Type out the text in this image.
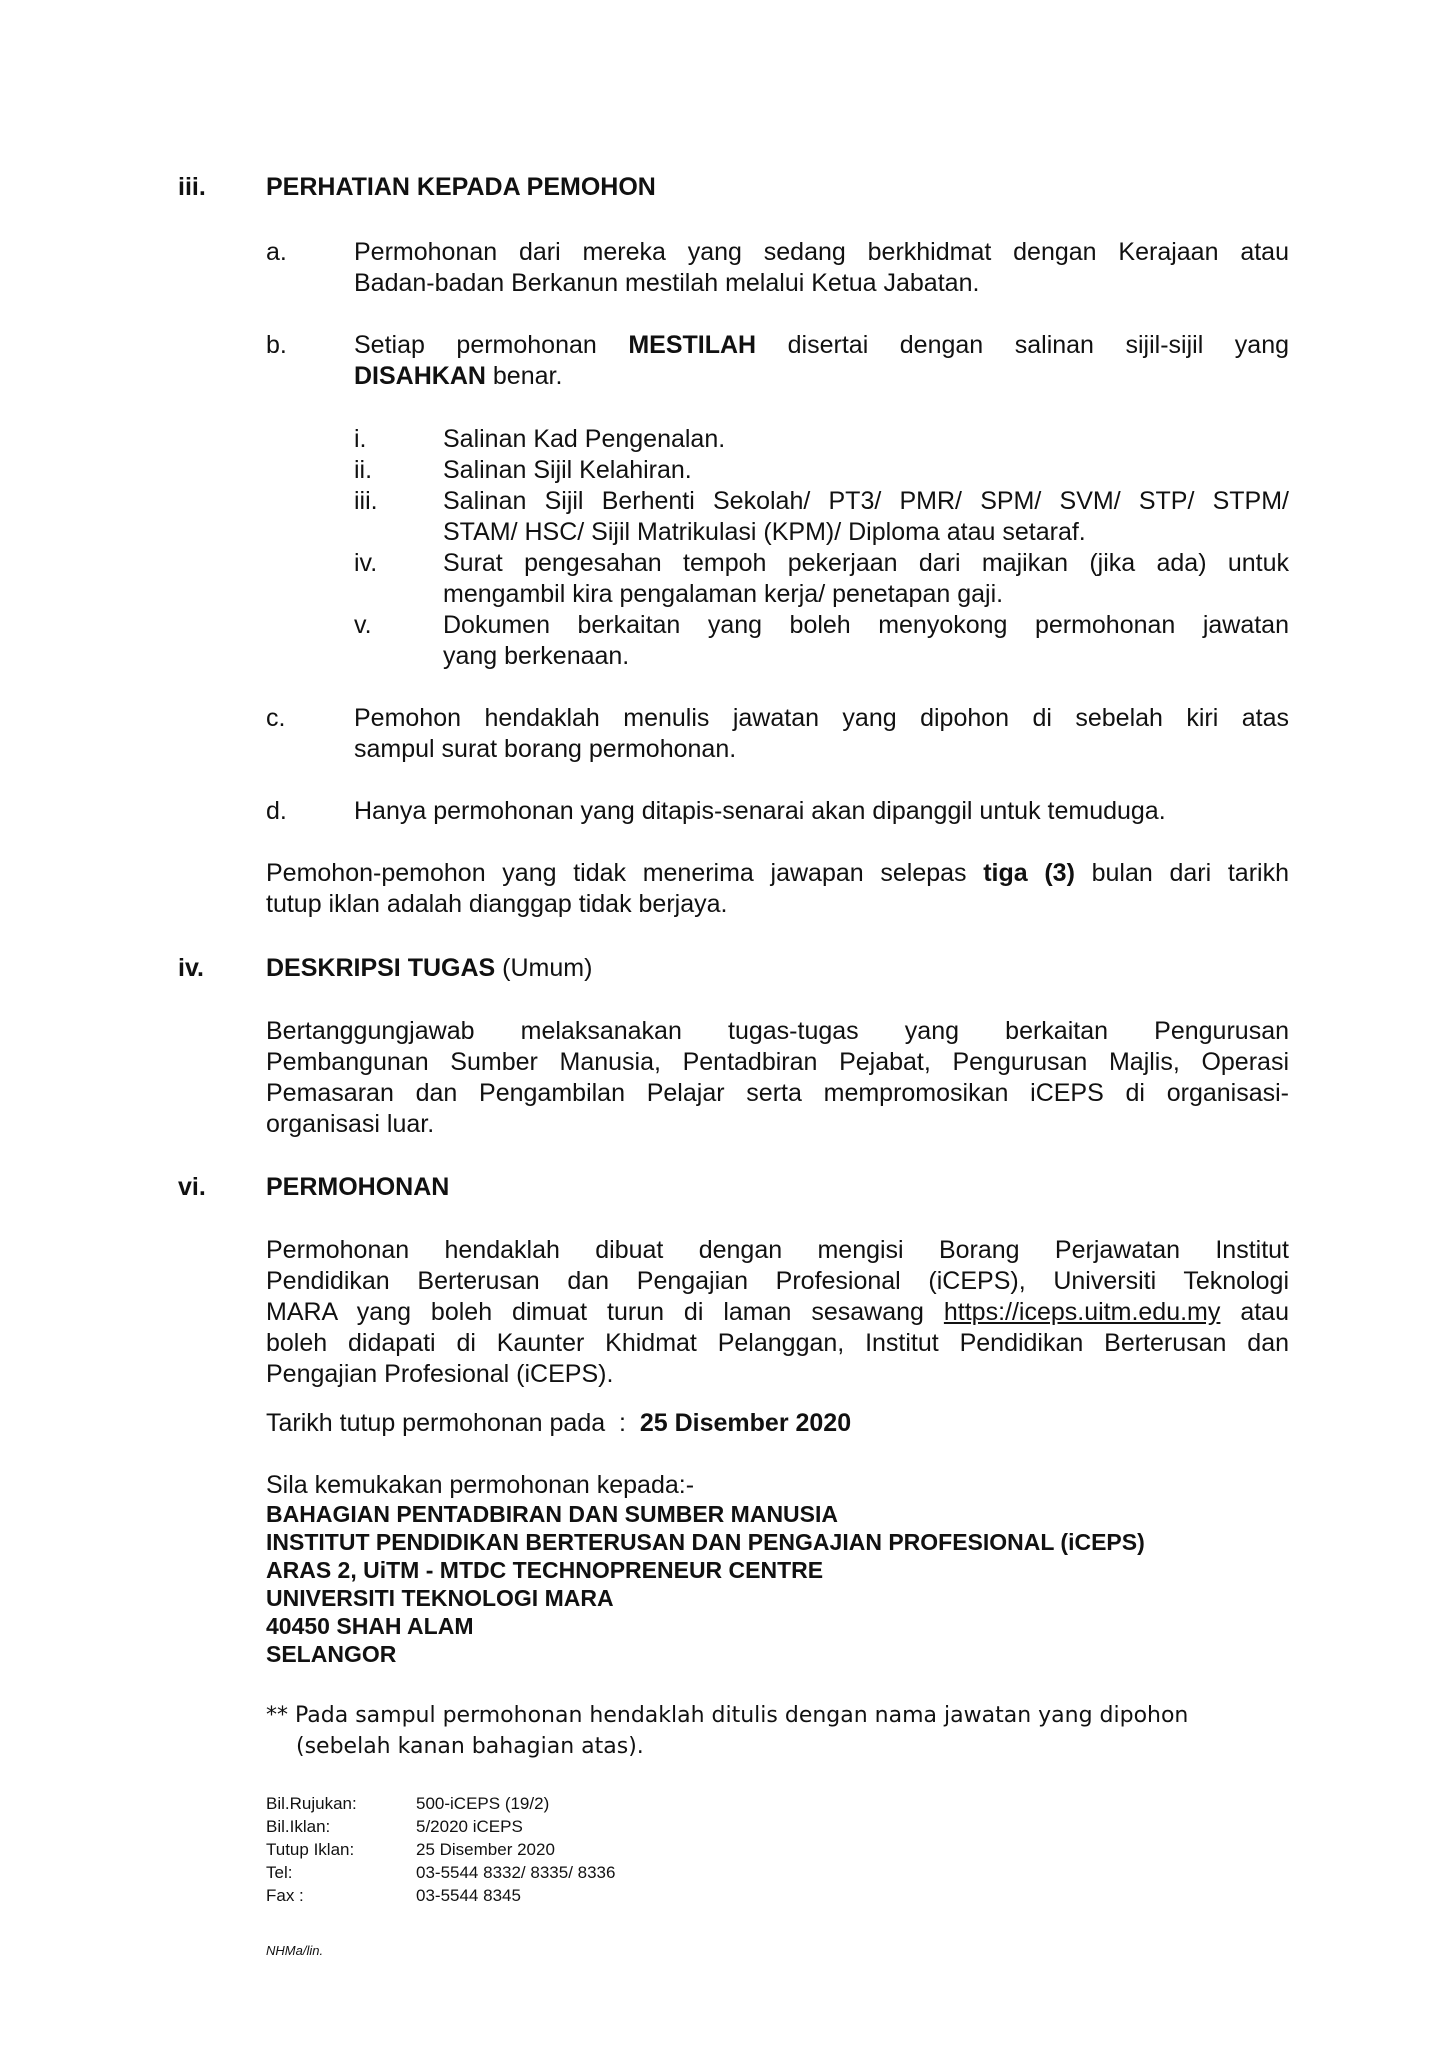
iii. PERHATIAN KEPADA PEMOHON
a.	Permohonan dari mereka yang sedang berkhidmat dengan Kerajaan atau
Badan-badan Berkanun mestilah melalui Ketua Jabatan.
b.	Setiap permohonan MESTILAH disertai dengan salinan sijil-sijil yang
DISAHKAN benar.
i.	Salinan Kad Pengenalan.
ii.	Salinan Sijil Kelahiran.
iii.	Salinan Sijil Berhenti Sekolah/ PT3/ PMR/ SPM/ SVM/ STP/ STPM/
STAM/ HSC/ Sijil Matrikulasi (KPM)/ Diploma atau setaraf.
iv.	Surat pengesahan tempoh pekerjaan dari majikan (jika ada) untuk
mengambil kira pengalaman kerja/ penetapan gaji.
v.	Dokumen berkaitan yang boleh menyokong permohonan jawatan
yang berkenaan.
c.	Pemohon hendaklah menulis jawatan yang dipohon di sebelah kiri atas
sampul surat borang permohonan.
d.	Hanya permohonan yang ditapis-senarai akan dipanggil untuk temuduga.
Pemohon-pemohon yang tidak menerima jawapan selepas tiga (3) bulan dari tarikh
tutup iklan adalah dianggap tidak berjaya.
iv. DESKRIPSI TUGAS (Umum)
Bertanggungjawab melaksanakan tugas-tugas yang berkaitan Pengurusan
Pembangunan Sumber Manusia, Pentadbiran Pejabat, Pengurusan Majlis, Operasi
Pemasaran dan Pengambilan Pelajar serta mempromosikan iCEPS di organisasi-
organisasi luar.
vi. PERMOHONAN
Permohonan hendaklah dibuat dengan mengisi Borang Perjawatan Institut
Pendidikan Berterusan dan Pengajian Profesional (iCEPS), Universiti Teknologi
MARA yang boleh dimuat turun di laman sesawang https://iceps.uitm.edu.my atau
boleh didapati di Kaunter Khidmat Pelanggan, Institut Pendidikan Berterusan dan
Pengajian Profesional (iCEPS).
Tarikh tutup permohonan pada  :  25 Disember 2020
Sila kemukakan permohonan kepada:-
BAHAGIAN PENTADBIRAN DAN SUMBER MANUSIA
INSTITUT PENDIDIKAN BERTERUSAN DAN PENGAJIAN PROFESIONAL (iCEPS)
ARAS 2, UiTM - MTDC TECHNOPRENEUR CENTRE
UNIVERSITI TEKNOLOGI MARA
40450 SHAH ALAM
SELANGOR
** Pada sampul permohonan hendaklah ditulis dengan nama jawatan yang dipohon
(sebelah kanan bahagian atas).
Bil.Rujukan:	500-iCEPS (19/2)
Bil.Iklan:	5/2020 iCEPS
Tutup Iklan:	25 Disember 2020
Tel:	03-5544 8332/ 8335/ 8336
Fax :	03-5544 8345
NHMa/lin.
